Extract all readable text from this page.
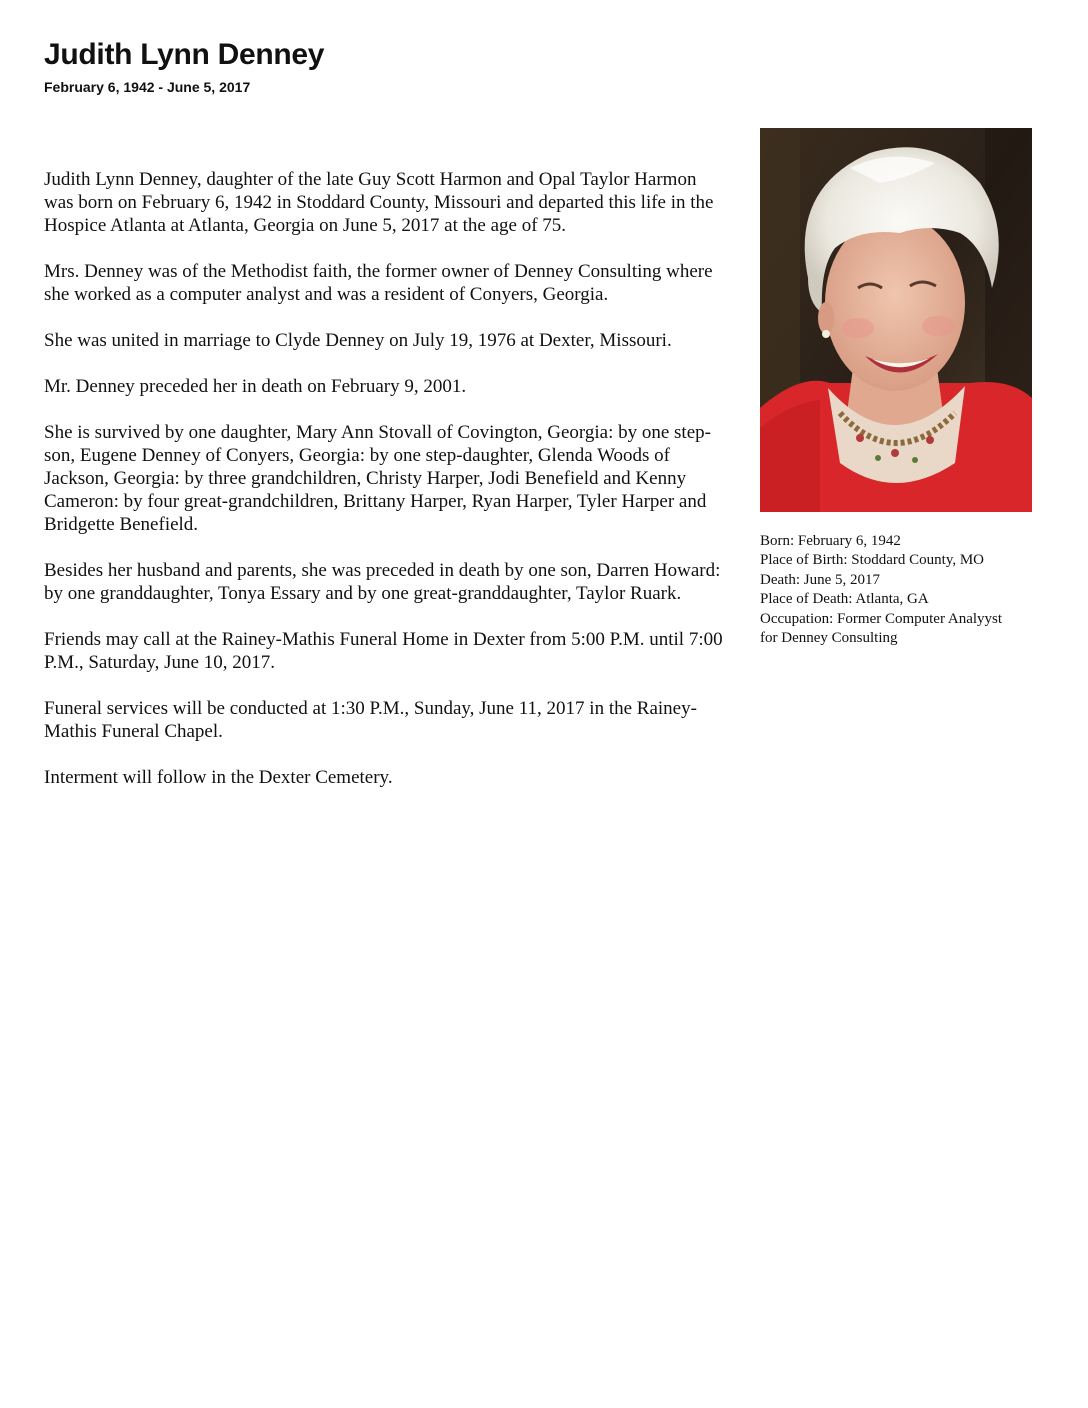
Judith Lynn Denney
February 6, 1942 - June 5, 2017

Judith Lynn Denney, daughter of the late Guy Scott Harmon and Opal Taylor Harmon was born on February 6, 1942 in Stoddard County, Missouri and departed this life in the Hospice Atlanta at Atlanta, Georgia on June 5, 2017 at the age of 75.

Mrs. Denney was of the Methodist faith, the former owner of Denney Consulting where she worked as a computer analyst and was a resident of Conyers, Georgia.

She was united in marriage to Clyde Denney on July 19, 1976 at Dexter, Missouri.

Mr. Denney preceded her in death on February 9, 2001.

She is survived by one daughter, Mary Ann Stovall of Covington, Georgia: by one step-son, Eugene Denney of Conyers, Georgia: by one step-daughter, Glenda Woods of Jackson, Georgia: by three grandchildren, Christy Harper, Jodi Benefield and Kenny Cameron: by four great-grandchildren, Brittany Harper, Ryan Harper, Tyler Harper and Bridgette Benefield.

Besides her husband and parents, she was preceded in death by one son, Darren Howard: by one granddaughter, Tonya Essary and by one great-granddaughter, Taylor Ruark.

Friends may call at the Rainey-Mathis Funeral Home in Dexter from 5:00 P.M. until 7:00 P.M., Saturday, June 10, 2017.

Funeral services will be conducted at 1:30 P.M., Sunday, June 11, 2017 in the Rainey-Mathis Funeral Chapel.

Interment will follow in the Dexter Cemetery.

Born: February 6, 1942
Place of Birth: Stoddard County, MO
Death: June 5, 2017
Place of Death: Atlanta, GA
Occupation: Former Computer Analyyst
for Denney Consulting
